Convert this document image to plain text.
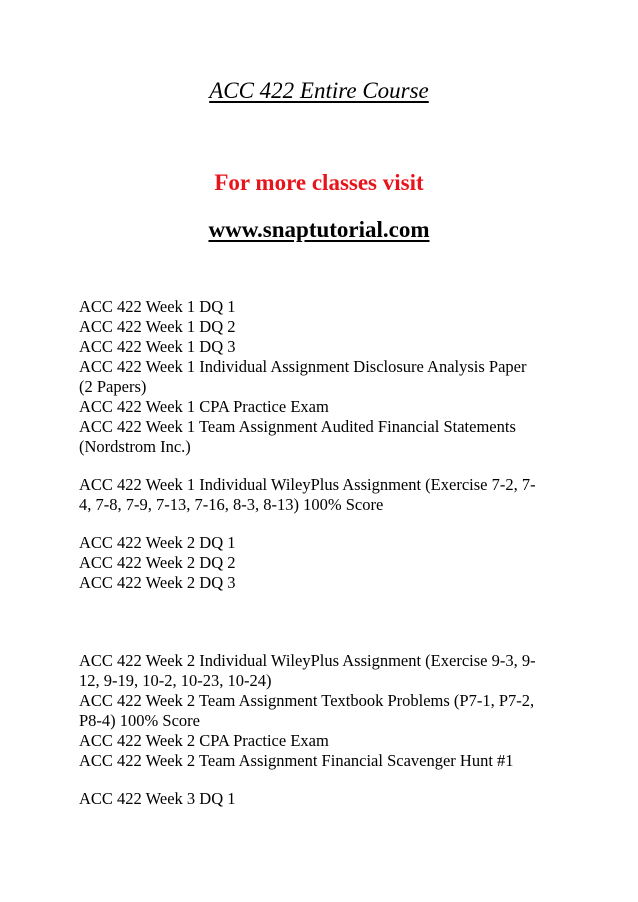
ACC 422 Entire Course
For more classes visit
www.snaptutorial.com
ACC 422 Week 1 DQ 1
ACC 422 Week 1 DQ 2
ACC 422 Week 1 DQ 3
ACC 422 Week 1 Individual Assignment Disclosure Analysis Paper
(2 Papers)
ACC 422 Week 1 CPA Practice Exam
ACC 422 Week 1 Team Assignment Audited Financial Statements
(Nordstrom Inc.)
ACC 422 Week 1 Individual WileyPlus Assignment (Exercise 7-2, 7-
4, 7-8, 7-9, 7-13, 7-16, 8-3, 8-13) 100% Score
ACC 422 Week 2 DQ 1
ACC 422 Week 2 DQ 2
ACC 422 Week 2 DQ 3
ACC 422 Week 2 Individual WileyPlus Assignment (Exercise 9-3, 9-
12, 9-19, 10-2, 10-23, 10-24)
ACC 422 Week 2 Team Assignment Textbook Problems (P7-1, P7-2,
P8-4) 100% Score
ACC 422 Week 2 CPA Practice Exam
ACC 422 Week 2 Team Assignment Financial Scavenger Hunt #1
ACC 422 Week 3 DQ 1
